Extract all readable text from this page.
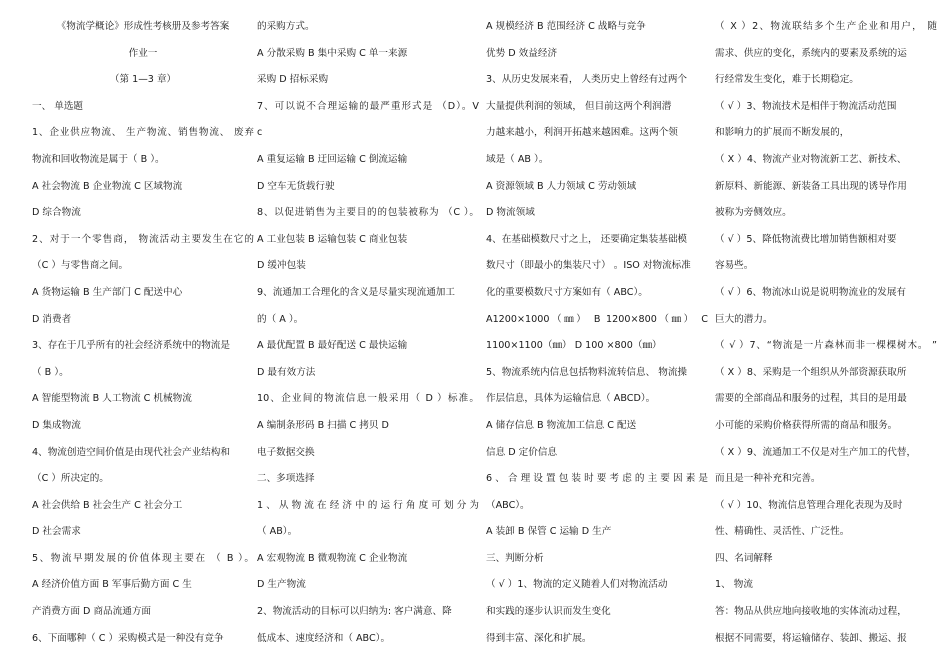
《物流学概论》形成性考核册及参考答案
作业一
（第 1—3 章）
一、 单选题
1、企业供应物流、 生产物流、销售物流、 废弃
物流和回收物流是属于（ B ）。
A 社会物流 B 企业物流 C 区域物流
D 综合物流
2、对于一个零售商， 物流活动主要发生在它的
（C ）与零售商之间。
A 货物运输 B 生产部门 C 配送中心
D 消费者
3、存在于几乎所有的社会经济系统中的物流是
（ B ）。
A 智能型物流 B 人工物流 C 机械物流
D 集成物流
4、物流创造空间价值是由现代社会产业结构和
（C ）所决定的。
A 社会供给 B 社会生产 C 社会分工
D 社会需求
5、物流早期发展的价值体现主要在 （ B ）。
A 经济价值方面 B 军事后勤方面 C 生
产消费方面 D 商品流通方面
6、下面哪种（ C ）采购模式是一种没有竞争
的采购方式。
A 分散采购 B 集中采购 C 单一来源
采购 D 招标采购
7、可以说不合理运输的最严重形式是 （D）。V
c
A 重复运输 B 迂回运输 C 倒流运输
D 空车无货载行驶
8、以促进销售为主要目的的包装被称为 （C ）。
A 工业包装 B 运输包装 C 商业包装
D 缓冲包装
9、流通加工合理化的含义是尽量实现流通加工
的（ A ）。
A 最优配置 B 最好配送 C 最快运输
D 最有效方法
10、企业间的物流信息一般采用（ D ）标准。
A 编制条形码 B 扫描 C 拷贝 D
电子数据交换
二、多项选择
1、从物流在经济中的运行角度可划分为
（ AB）。
A 宏观物流 B 微观物流 C 企业物流
D 生产物流
2、物流活动的目标可以归纳为: 客户满意、降
低成本、速度经济和（ ABC）。
A 规模经济 B 范围经济 C 战略与竞争
优势 D 效益经济
3、从历史发展来看， 人类历史上曾经有过两个
大量提供利润的领域， 但目前这两个利润潜
力越来越小，利润开拓越来越困难。这两个领
域是（ AB ）。
A 资源领域 B 人力领域 C 劳动领域
D 物流领域
4、在基础模数尺寸之上， 还要确定集装基础模
数尺寸（即最小的集装尺寸） 。ISO 对物流标准
化的重要模数尺寸方案如有（ ABC）。
A1200×1000（㎜） B 1200×800（㎜） C
1100×1100（㎜） D 100 ×800（㎜）
5、物流系统内信息包括物料流转信息、 物流操
作层信息，具体为运输信息（ ABCD）。
A 储存信息 B 物流加工信息 C 配送
信息 D 定价信息
6、合理设置包装时要考虑的主要因素是
（ABC）。
A 装卸 B 保管 C 运输 D 生产
三、判断分析
（ √ ）1、物流的定义随着人们对物流活动
和实践的逐步认识而发生变化
得到丰富、深化和扩展。
（ X ）2、物流联结多个生产企业和用户， 随
需求、供应的变化，系统内的要素及系统的运
行经常发生变化，难于长期稳定。
（ √ ）3、物流技术是相伴于物流活动范围
和影响力的扩展而不断发展的，
（ X ）4、物流产业对物流新工艺、新技术、
新原料、新能源、新装备工具出现的诱导作用
被称为旁侧效应。
（ √ ）5、降低物流费比增加销售额相对要
容易些。
（ √ ）6、物流冰山说是说明物流业的发展有
巨大的潜力。
（ √ ）7、“物流是一片森林而非一棵棵树木。 ”
（ X ）8、采购是一个组织从外部资源获取所
需要的全部商品和服务的过程，其目的是用最
小可能的采购价格获得所需的商品和服务。
（ X ）9、流通加工不仅是对生产加工的代替，
而且是一种补充和完善。
（ √ ）10、物流信息管理合理化表现为及时
性、精确性、灵活性、广泛性。
四、名词解释
1、 物流
答：物品从供应地向接收地的实体流动过程，
根据不同需要，将运输储存、装卸、搬运、报
